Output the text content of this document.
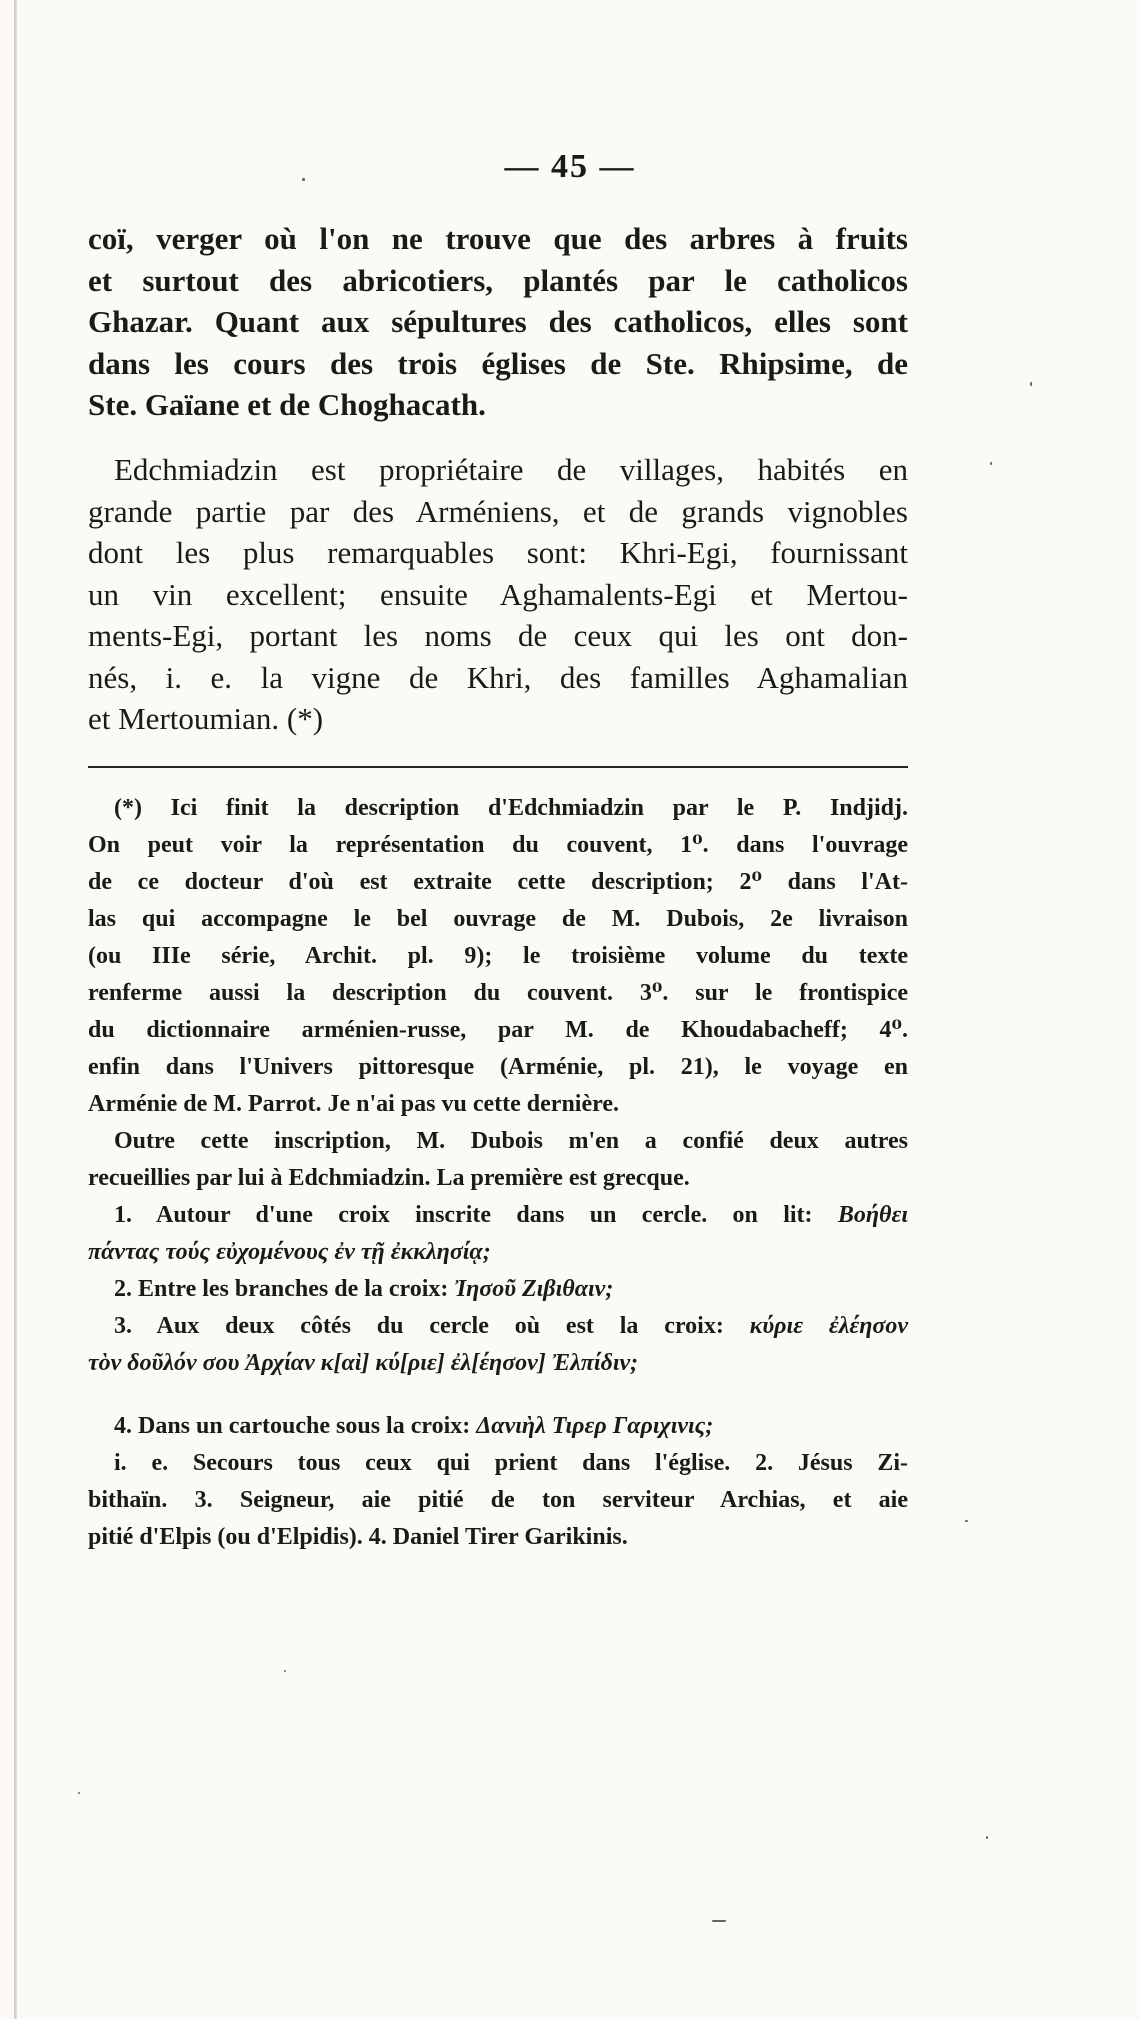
— 45 —
coï, verger où l'on ne trouve que des arbres à fruits
et surtout des abricotiers, plantés par le catholicos
Ghazar. Quant aux sépultures des catholicos, elles sont
dans les cours des trois églises de Ste. Rhipsime, de
Ste. Gaïane et de Choghacath.
Edchmiadzin est propriétaire de villages, habités en
grande partie par des Arméniens, et de grands vignobles
dont les plus remarquables sont: Khri-Egi, fournissant
un vin excellent; ensuite Aghamalents-Egi et Mertou-
ments-Egi, portant les noms de ceux qui les ont don-
nés, i. e. la vigne de Khri, des familles Aghamalian
et Mertoumian. (*)
(*) Ici finit la description d'Edchmiadzin par le P. Indjidj.
On peut voir la représentation du couvent, 1⁰. dans l'ouvrage
de ce docteur d'où est extraite cette description; 2⁰ dans l'At-
las qui accompagne le bel ouvrage de M. Dubois, 2e livraison
(ou IIIe série, Archit. pl. 9); le troisième volume du texte
renferme aussi la description du couvent. 3⁰. sur le frontispice
du dictionnaire arménien-russe, par M. de Khoudabacheff; 4⁰.
enfin dans l'Univers pittoresque (Arménie, pl. 21), le voyage en
Arménie de M. Parrot. Je n'ai pas vu cette dernière.
Outre cette inscription, M. Dubois m'en a confié deux autres
recueillies par lui à Edchmiadzin. La première est grecque.
1. Autour d'une croix inscrite dans un cercle. on lit: Βοήθει
πάντας τούς εὐχομένους ἐν τῇ ἐκκλησίᾳ;
2. Entre les branches de la croix: Ἰησοῦ Ζιβιθαιν;
3. Aux deux côtés du cercle où est la croix: κύριε ἐλέησον
τὸν δοῦλόν σου Ἀρχίαν κ[αὶ] κύ[ριε] ἐλ[έησον] Ἐλπίδιν;
4. Dans un cartouche sous la croix: Δανιὴλ Τιρερ Γαριχινις;
i. e. Secours tous ceux qui prient dans l'église. 2. Jésus Zi-
bithaïn. 3. Seigneur, aie pitié de ton serviteur Archias, et aie
pitié d'Elpis (ou d'Elpidis). 4. Daniel Tirer Garikinis.
